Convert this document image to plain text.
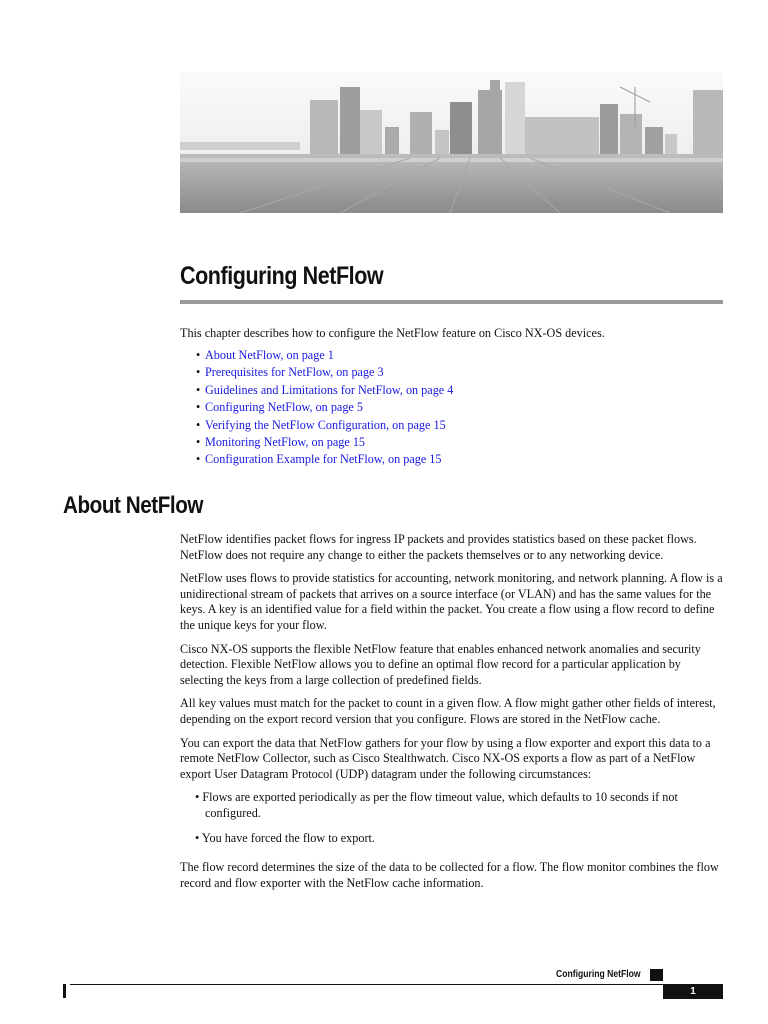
Configuring NetFlow

This chapter describes how to configure the NetFlow feature on Cisco NX-OS devices.

• About NetFlow, on page 1
• Prerequisites for NetFlow, on page 3
• Guidelines and Limitations for NetFlow, on page 4
• Configuring NetFlow, on page 5
• Verifying the NetFlow Configuration, on page 15
• Monitoring NetFlow, on page 15
• Configuration Example for NetFlow, on page 15
About NetFlow

NetFlow identifies packet flows for ingress IP packets and provides statistics based on these packet flows. NetFlow does not require any change to either the packets themselves or to any networking device.

NetFlow uses flows to provide statistics for accounting, network monitoring, and network planning. A flow is a unidirectional stream of packets that arrives on a source interface (or VLAN) and has the same values for the keys. A key is an identified value for a field within the packet. You create a flow using a flow record to define the unique keys for your flow.

Cisco NX-OS supports the flexible NetFlow feature that enables enhanced network anomalies and security detection. Flexible NetFlow allows you to define an optimal flow record for a particular application by selecting the keys from a large collection of predefined fields.

All key values must match for the packet to count in a given flow. A flow might gather other fields of interest, depending on the export record version that you configure. Flows are stored in the NetFlow cache.

You can export the data that NetFlow gathers for your flow by using a flow exporter and export this data to a remote NetFlow Collector, such as Cisco Stealthwatch. Cisco NX-OS exports a flow as part of a NetFlow export User Datagram Protocol (UDP) datagram under the following circumstances:

• Flows are exported periodically as per the flow timeout value, which defaults to 10 seconds if not configured.
• You have forced the flow to export.

The flow record determines the size of the data to be collected for a flow. The flow monitor combines the flow record and flow exporter with the NetFlow cache information.

Configuring NetFlow
1
